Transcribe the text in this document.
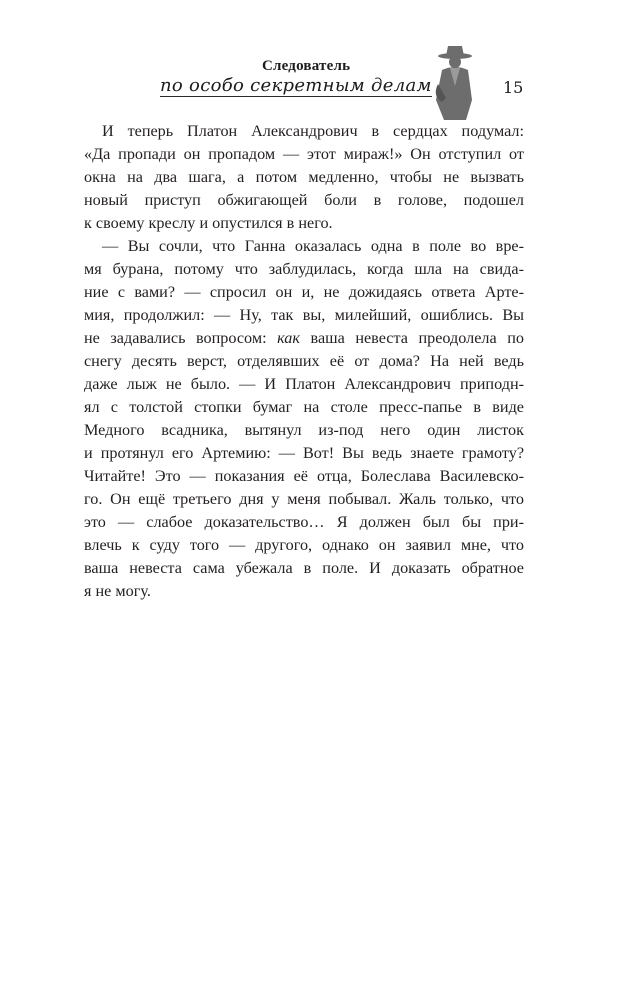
Следователь
по особо секретным делам	15
И теперь Платон Александрович в сердцах подумал:
«Да пропади он пропадом — этот мираж!» Он отступил от
окна на два шага, а потом медленно, чтобы не вызвать
новый приступ обжигающей боли в голове, подошел
к своему креслу и опустился в него.
— Вы сочли, что Ганна оказалась одна в поле во вре-
мя бурана, потому что заблудилась, когда шла на свида-
ние с вами? — спросил он и, не дожидаясь ответа Арте-
мия, продолжил: — Ну, так вы, милейший, ошиблись. Вы
не задавались вопросом: как ваша невеста преодолела по
снегу десять верст, отделявших её от дома? На ней ведь
даже лыж не было. — И Платон Александрович приподн-
ял с толстой стопки бумаг на столе пресс-папье в виде
Медного всадника, вытянул из-под него один листок
и протянул его Артемию: — Вот! Вы ведь знаете грамоту?
Читайте! Это — показания её отца, Болеслава Василевско-
го. Он ещё третьего дня у меня побывал. Жаль только, что
это — слабое доказательство… Я должен был бы при-
влечь к суду того — другого, однако он заявил мне, что
ваша невеста сама убежала в поле. И доказать обратное
я не могу.
